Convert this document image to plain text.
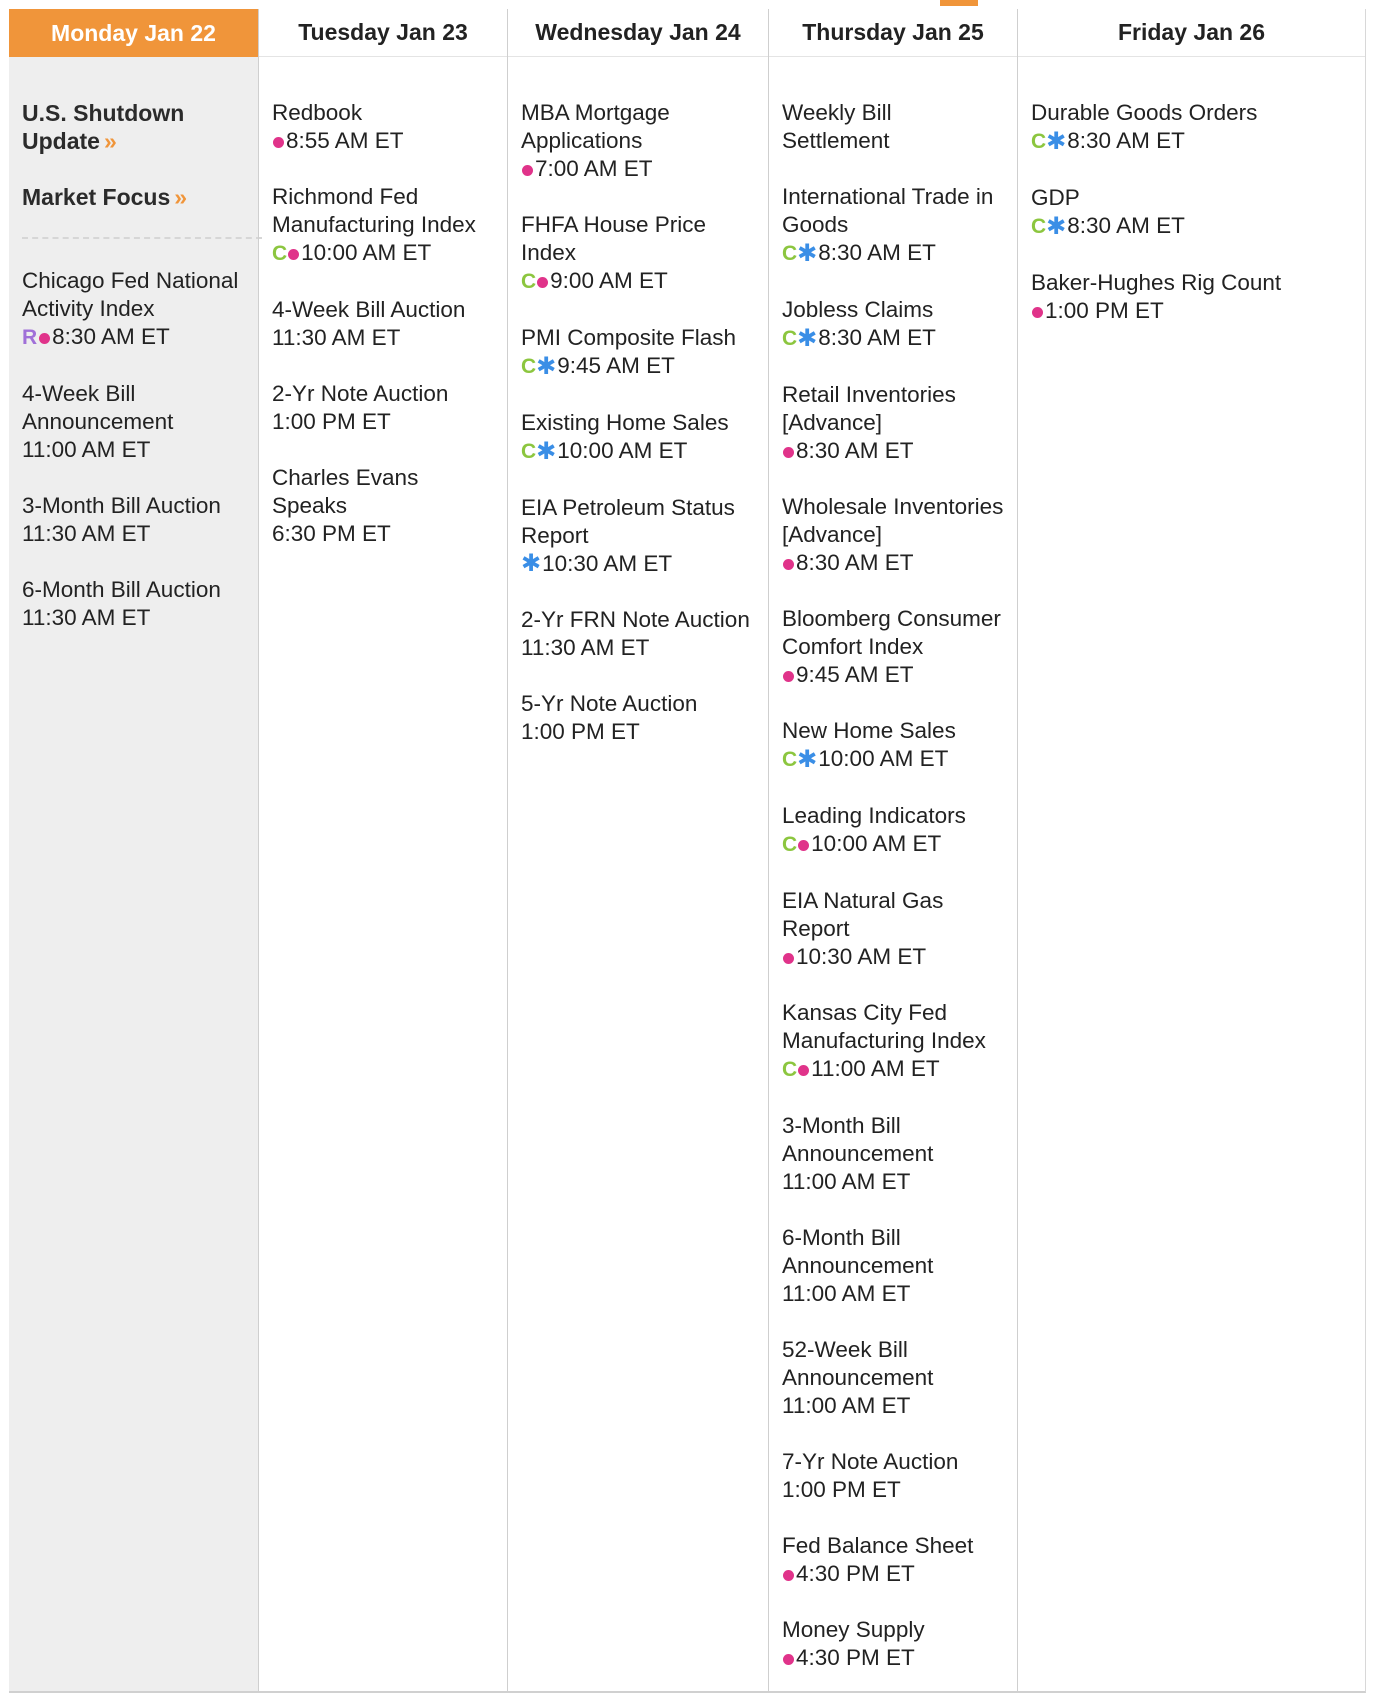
Monday Jan 22
U.S. Shutdown Update »
Market Focus »
Chicago Fed National Activity Index
R 8:30 AM ET
4-Week Bill Announcement
11:00 AM ET
3-Month Bill Auction
11:30 AM ET
6-Month Bill Auction
11:30 AM ET
Tuesday Jan 23
Redbook
8:55 AM ET
Richmond Fed Manufacturing Index
C 10:00 AM ET
4-Week Bill Auction
11:30 AM ET
2-Yr Note Auction
1:00 PM ET
Charles Evans Speaks
6:30 PM ET
Wednesday Jan 24
MBA Mortgage Applications
7:00 AM ET
FHFA House Price Index
C 9:00 AM ET
PMI Composite Flash
C ✱ 9:45 AM ET
Existing Home Sales
C ✱ 10:00 AM ET
EIA Petroleum Status Report
✱ 10:30 AM ET
2-Yr FRN Note Auction
11:30 AM ET
5-Yr Note Auction
1:00 PM ET
Thursday Jan 25
Weekly Bill Settlement
International Trade in Goods
C ✱ 8:30 AM ET
Jobless Claims
C ✱ 8:30 AM ET
Retail Inventories [Advance]
8:30 AM ET
Wholesale Inventories [Advance]
8:30 AM ET
Bloomberg Consumer Comfort Index
9:45 AM ET
New Home Sales
C ✱ 10:00 AM ET
Leading Indicators
C 10:00 AM ET
EIA Natural Gas Report
10:30 AM ET
Kansas City Fed Manufacturing Index
C 11:00 AM ET
3-Month Bill Announcement
11:00 AM ET
6-Month Bill Announcement
11:00 AM ET
52-Week Bill Announcement
11:00 AM ET
7-Yr Note Auction
1:00 PM ET
Fed Balance Sheet
4:30 PM ET
Money Supply
4:30 PM ET
Friday Jan 26
Durable Goods Orders
C ✱ 8:30 AM ET
GDP
C ✱ 8:30 AM ET
Baker-Hughes Rig Count
1:00 PM ET
